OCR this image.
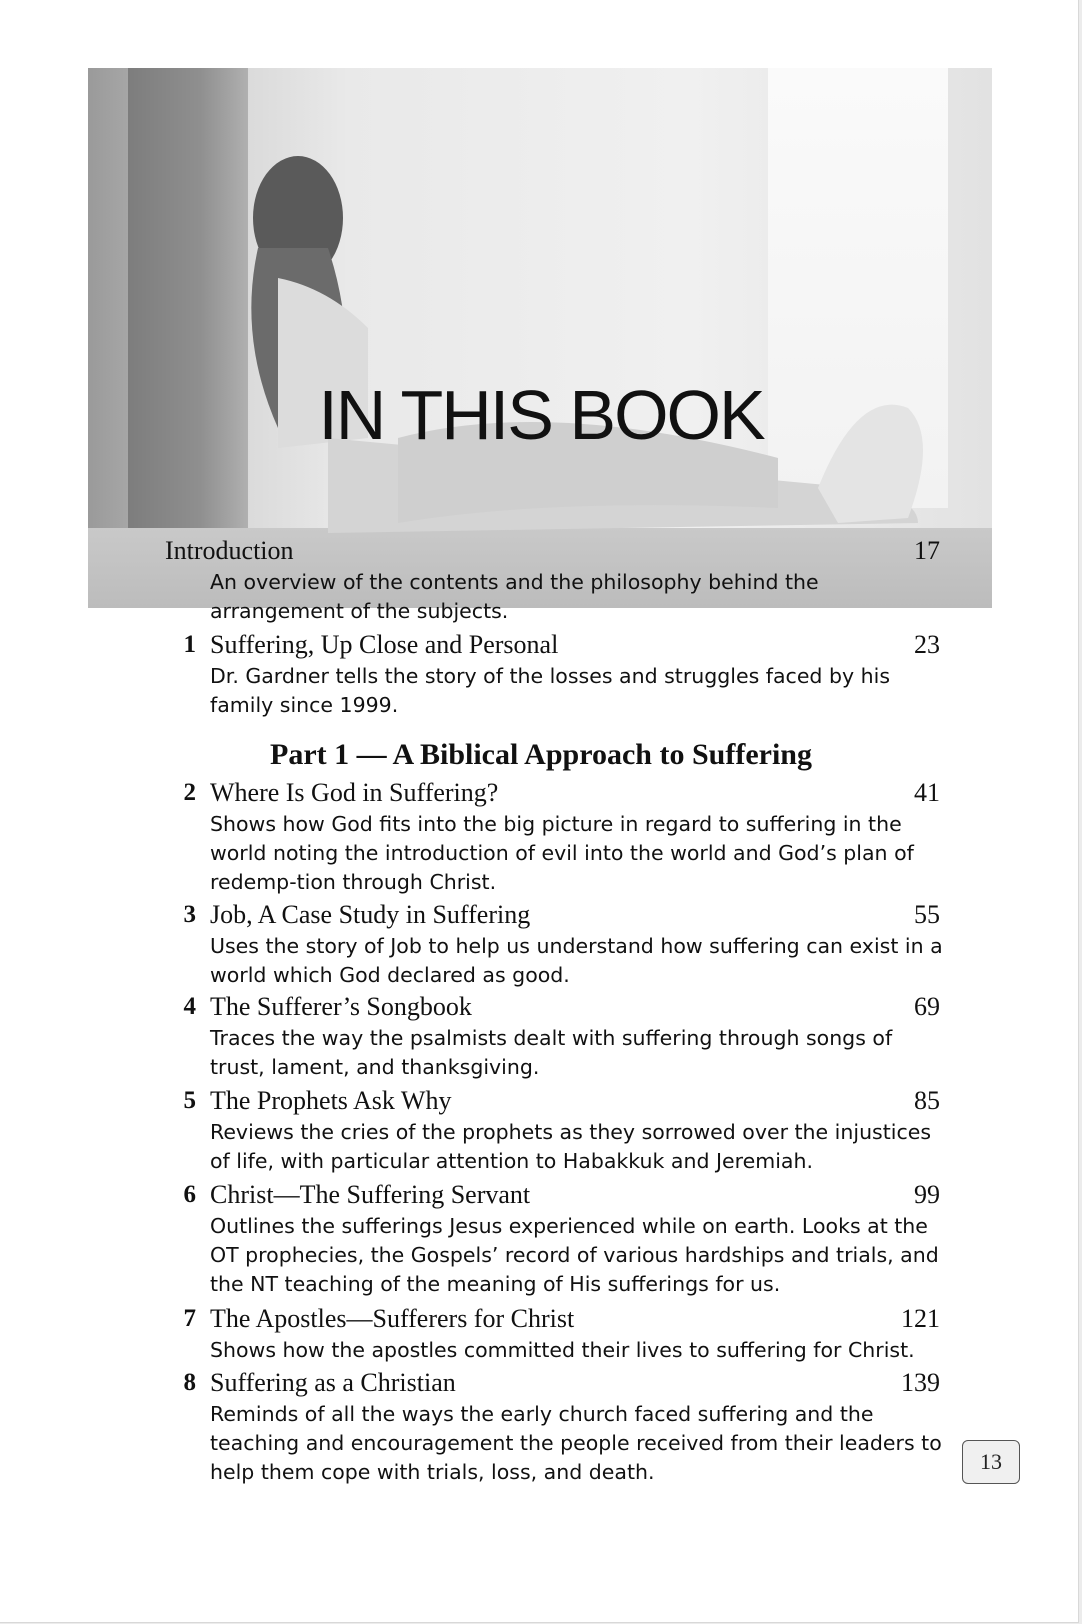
IN THIS BOOK
Introduction	17
An overview of the contents and the philosophy behind the arrangement of the subjects.
1 Suffering, Up Close and Personal	23
Dr. Gardner tells the story of the losses and struggles faced by his family since 1999.
Part 1 — A Biblical Approach to Suffering
2 Where Is God in Suffering?	41
Shows how God fits into the big picture in regard to suffering in the world noting the introduction of evil into the world and God’s plan of redemp-tion through Christ.
3 Job, A Case Study in Suffering	55
Uses the story of Job to help us understand how suffering can exist in a world which God declared as good.
4 The Sufferer’s Songbook	69
Traces the way the psalmists dealt with suffering through songs of trust, lament, and thanksgiving.
5 The Prophets Ask Why	85
Reviews the cries of the prophets as they sorrowed over the injustices of life, with particular attention to Habakkuk and Jeremiah.
6 Christ—The Suffering Servant	99
Outlines the sufferings Jesus experienced while on earth. Looks at the OT prophecies, the Gospels’ record of various hardships and trials, and the NT teaching of the meaning of His sufferings for us.
7 The Apostles—Sufferers for Christ	121
Shows how the apostles committed their lives to suffering for Christ.
8 Suffering as a Christian	139
Reminds of all the ways the early church faced suffering and the teaching and encouragement the people received from their leaders to help them cope with trials, loss, and death.	13
